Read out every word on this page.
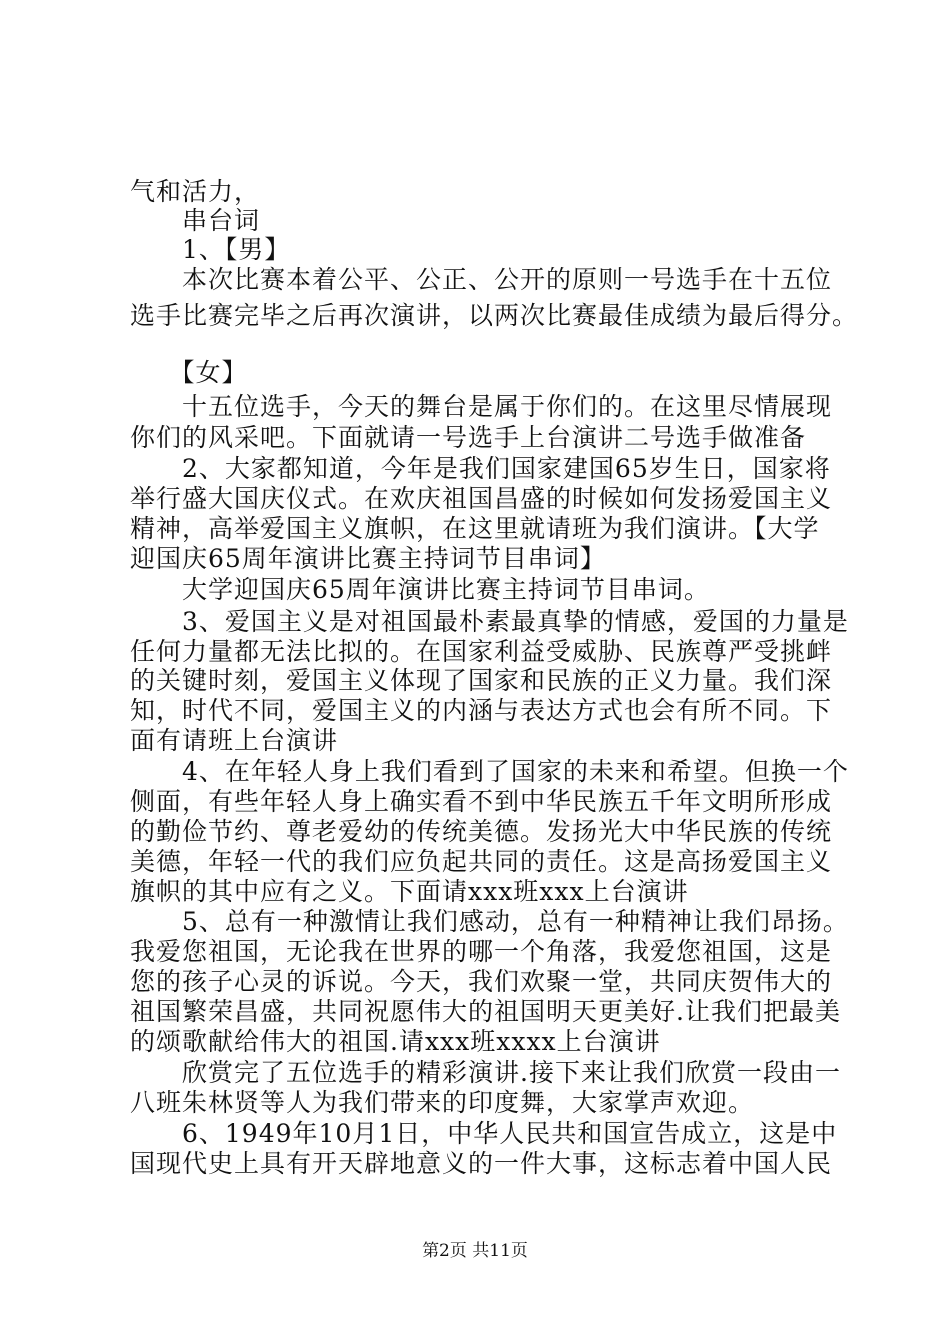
气和活力，
　　串台词
　　1、【男】
　　本次比赛本着公平、公正、公开的原则一号选手在十五位
选手比赛完毕之后再次演讲，以两次比赛最佳成绩为最后得分。
　　【女】
　　十五位选手，今天的舞台是属于你们的。在这里尽情展现
你们的风采吧。下面就请一号选手上台演讲二号选手做准备
　　2、大家都知道，今年是我们国家建国65岁生日，国家将
举行盛大国庆仪式。在欢庆祖国昌盛的时候如何发扬爱国主义
精神，高举爱国主义旗帜，在这里就请班为我们演讲。【大学
迎国庆65周年演讲比赛主持词节目串词】
　　大学迎国庆65周年演讲比赛主持词节目串词。
　　3、爱国主义是对祖国最朴素最真挚的情感，爱国的力量是
任何力量都无法比拟的。在国家利益受威胁、民族尊严受挑衅
的关键时刻，爱国主义体现了国家和民族的正义力量。我们深
知，时代不同，爱国主义的内涵与表达方式也会有所不同。下
面有请班上台演讲
　　4、在年轻人身上我们看到了国家的未来和希望。但换一个
侧面，有些年轻人身上确实看不到中华民族五千年文明所形成
的勤俭节约、尊老爱幼的传统美德。发扬光大中华民族的传统
美德，年轻一代的我们应负起共同的责任。这是高扬爱国主义
旗帜的其中应有之义。下面请xxx班xxx上台演讲
　　5、总有一种激情让我们感动，总有一种精神让我们昂扬。
我爱您祖国，无论我在世界的哪一个角落，我爱您祖国，这是
您的孩子心灵的诉说。今天，我们欢聚一堂，共同庆贺伟大的
祖国繁荣昌盛，共同祝愿伟大的祖国明天更美好.让我们把最美
的颂歌献给伟大的祖国.请xxx班xxxx上台演讲
　　欣赏完了五位选手的精彩演讲.接下来让我们欣赏一段由一
八班朱林贤等人为我们带来的印度舞，大家掌声欢迎。
　　6、1949年10月1日，中华人民共和国宣告成立，这是中
国现代史上具有开天辟地意义的一件大事，这标志着中国人民
第2页 共11页
